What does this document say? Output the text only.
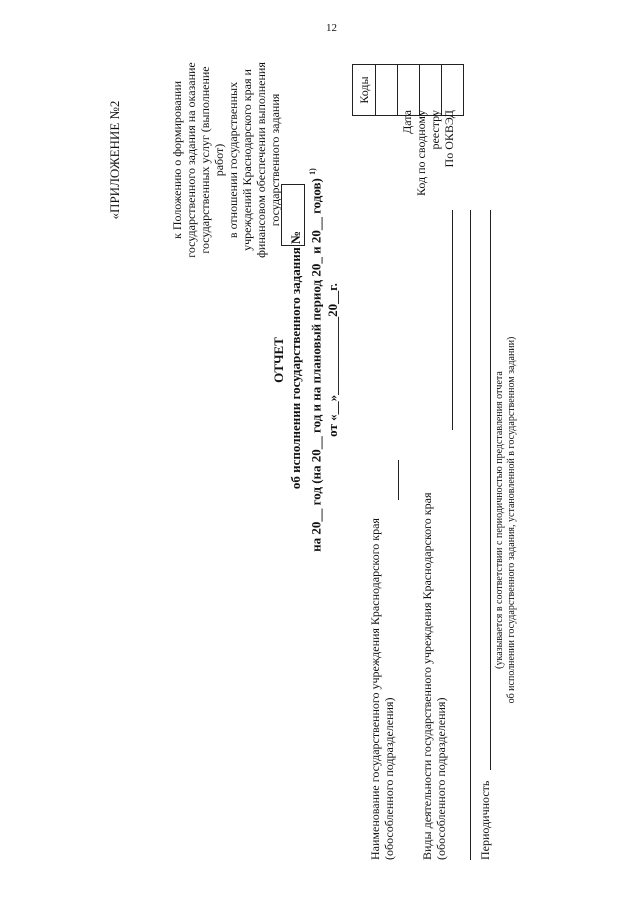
12
«ПРИЛОЖЕНИЕ №2	к Положению о формировании государственного задания на оказание государственных услуг (выполнение работ) в отношении государственных учреждений Краснодарского края и финансовом обеспечении выполнения государственного задания
ОТЧЕТ об исполнении государственного задания № на 20__ год (на 20__ год и на плановый период 20_ и 20__ годов) $^{1)}$
от «__»____________20__г.
Коды
Дата Код по сводному реестру По ОКВЭД
Наименование государственного учреждения Краснодарского края (обособленного подразделения) Виды деятельности государственного учреждения Краснодарского края (обособленного подразделения)	Периодичность
(указывается в соответствии с периодичностью представления отчета об исполнении государственного задания, установленной в государственном задании)
